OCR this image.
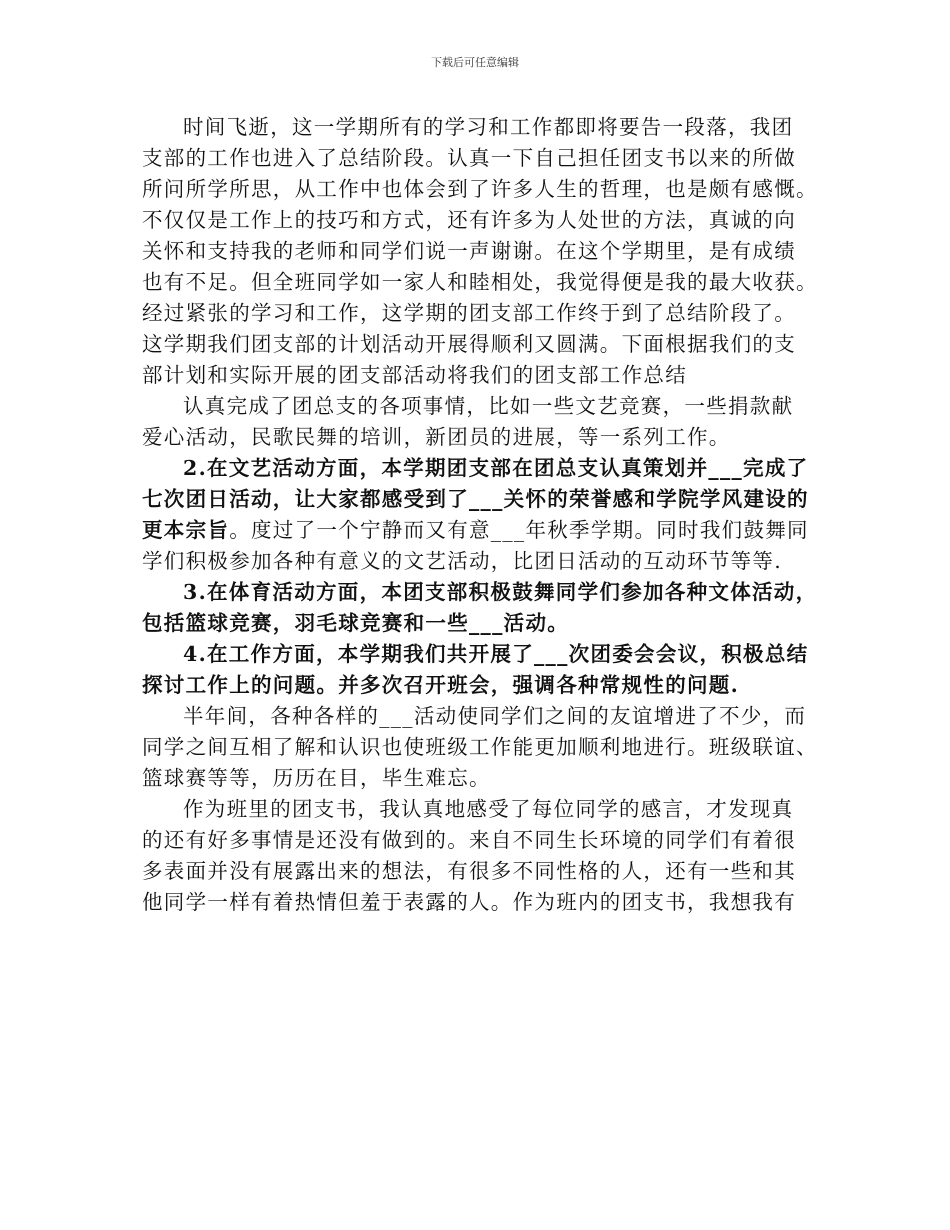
下载后可任意编辑
时间飞逝，这一学期所有的学习和工作都即将要告一段落，我团
支部的工作也进入了总结阶段。认真一下自己担任团支书以来的所做
所问所学所思，从工作中也体会到了许多人生的哲理，也是颇有感慨。
不仅仅是工作上的技巧和方式，还有许多为人处世的方法，真诚的向
关怀和支持我的老师和同学们说一声谢谢。在这个学期里，是有成绩
也有不足。但全班同学如一家人和睦相处，我觉得便是我的最大收获。
经过紧张的学习和工作，这学期的团支部工作终于到了总结阶段了。
这学期我们团支部的计划活动开展得顺利又圆满。下面根据我们的支
部计划和实际开展的团支部活动将我们的团支部工作总结
认真完成了团总支的各项事情，比如一些文艺竞赛，一些捐款献
爱心活动，民歌民舞的培训，新团员的进展，等一系列工作。
2.在文艺活动方面，本学期团支部在团总支认真策划并___完成了
七次团日活动，让大家都感受到了___关怀的荣誉感和学院学风建设的
更本宗旨。度过了一个宁静而又有意___年秋季学期。同时我们鼓舞同
学们积极参加各种有意义的文艺活动，比团日活动的互动环节等等.
3.在体育活动方面，本团支部积极鼓舞同学们参加各种文体活动，
包括篮球竞赛，羽毛球竞赛和一些___活动。
4.在工作方面，本学期我们共开展了___次团委会会议，积极总结
探讨工作上的问题。并多次召开班会，强调各种常规性的问题.
半年间，各种各样的___活动使同学们之间的友谊增进了不少，而
同学之间互相了解和认识也使班级工作能更加顺利地进行。班级联谊、
篮球赛等等，历历在目，毕生难忘。
作为班里的团支书，我认真地感受了每位同学的感言，才发现真
的还有好多事情是还没有做到的。来自不同生长环境的同学们有着很
多表面并没有展露出来的想法，有很多不同性格的人，还有一些和其
他同学一样有着热情但羞于表露的人。作为班内的团支书，我想我有
